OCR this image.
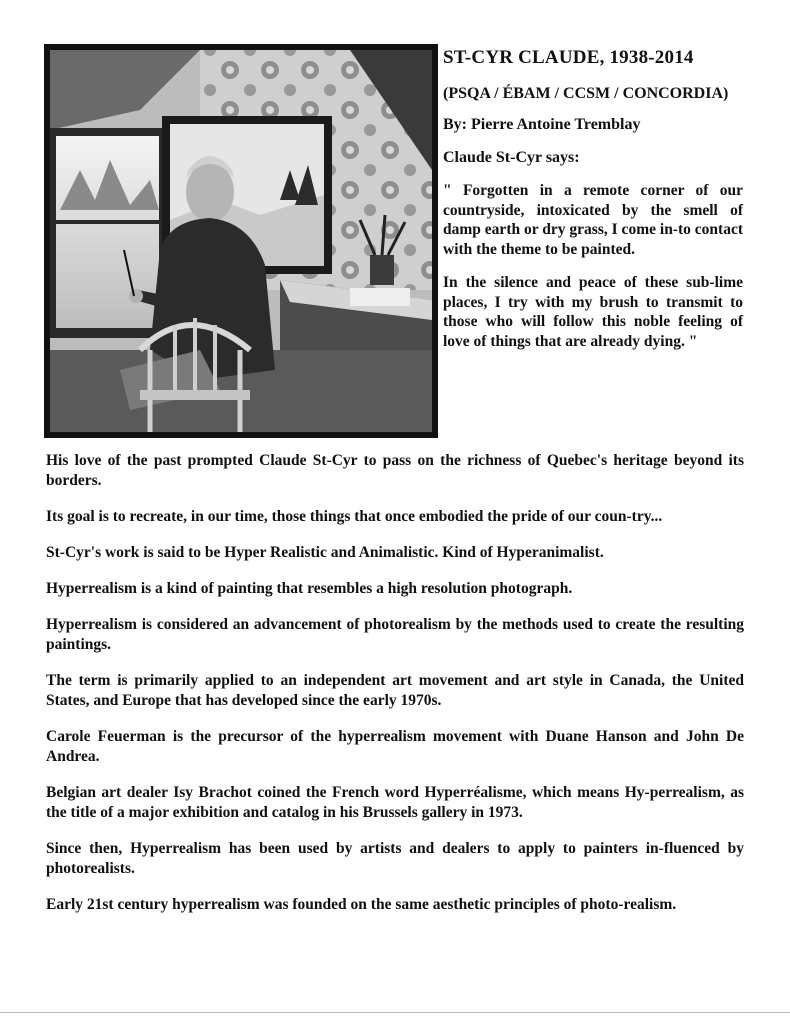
ST-CYR CLAUDE, 1938-2014

(PSQA / ÉBAM / CCSM / CONCORDIA)

By: Pierre Antoine Tremblay

Claude St-Cyr says:

" Forgotten in a remote corner of our countryside, intoxicated by the smell of damp earth or dry grass, I come in-to contact with the theme to be painted.

In the silence and peace of these sub-lime places, I try with my brush to transmit to those who will follow this noble feeling of love of things that are already dying. "

His love of the past prompted Claude St-Cyr to pass on the richness of Quebec's heritage beyond its borders.

Its goal is to recreate, in our time, those things that once embodied the pride of our coun-try...

St-Cyr's work is said to be Hyper Realistic and Animalistic. Kind of Hyperanimalist.

Hyperrealism is a kind of painting that resembles a high resolution photograph.

Hyperrealism is considered an advancement of photorealism by the methods used to create the resulting paintings.

The term is primarily applied to an independent art movement and art style in Canada, the United States, and Europe that has developed since the early 1970s.

Carole Feuerman is the precursor of the hyperrealism movement with Duane Hanson and John De Andrea.

Belgian art dealer Isy Brachot coined the French word Hyperréalisme, which means Hy-perrealism, as the title of a major exhibition and catalog in his Brussels gallery in 1973.

Since then, Hyperrealism has been used by artists and dealers to apply to painters in-fluenced by photorealists.

Early 21st century hyperrealism was founded on the same aesthetic principles of photo-realism.
